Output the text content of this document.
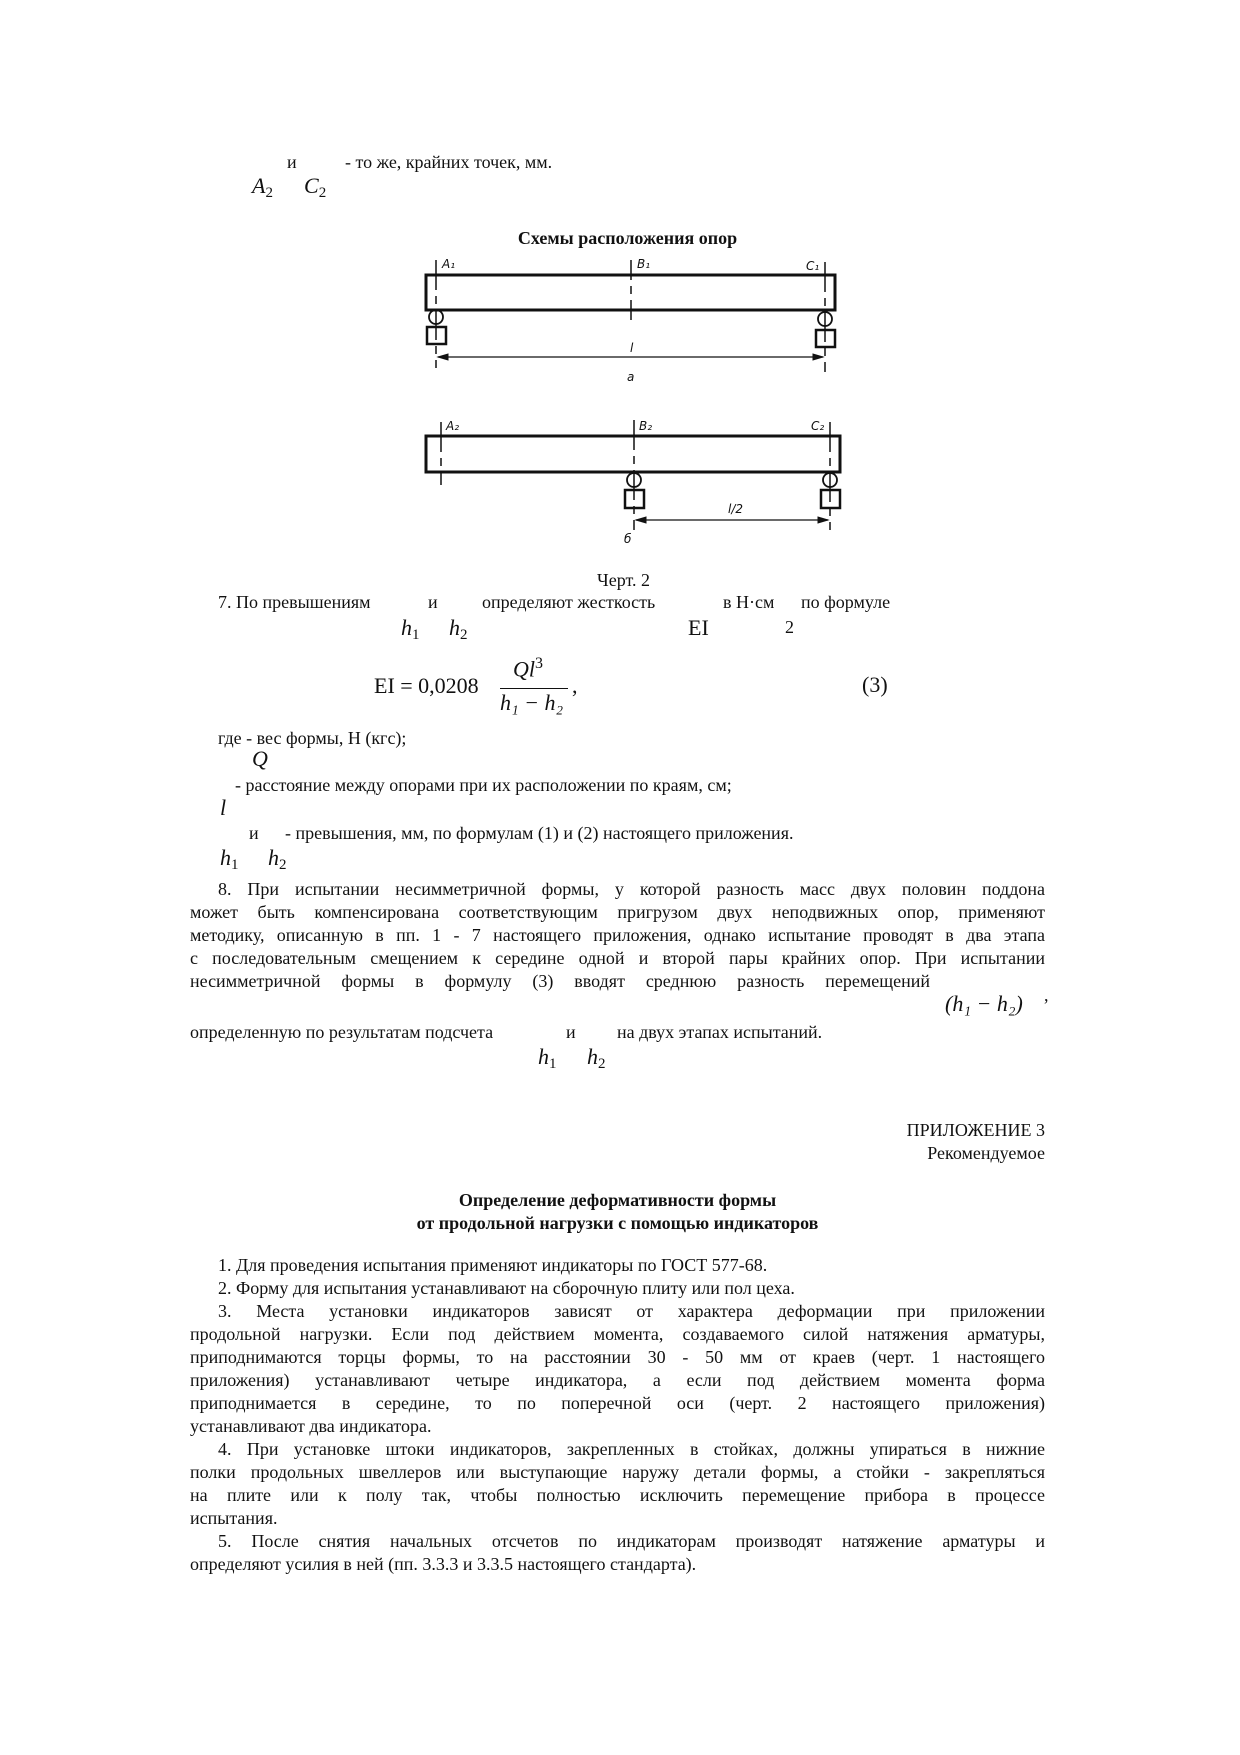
и	- то же, крайних точек, мм.
$A_2$ $C_2$
Схемы расположения опор
A₁	B₁	C₁
l
а
A₂	B₂	C₂
l/2
б
Черт. 2
7. По превышениям	и определяют жесткость	в Н·см по формуле
2
$h_1$ $h_2$	EI
EI = 0,0208
Ql$^3$
h₁ − h₂
,	(3)
где - вес формы, Н (кгс);
Q
- расстояние между опорами при их расположении по краям, см;
l
и - превышения, мм, по формулам (1) и (2) настоящего приложения.
$h_1$ $h_2$
8. При испытании несимметричной формы, у которой разность масс двух половин поддона
может быть компенсирована соответствующим пригрузом двух неподвижных опор, применяют
методику, описанную в пп. 1 - 7 настоящего приложения, однако испытание проводят в два этапа
с последовательным смещением к середине одной и второй пары крайних опор. При испытании
несимметричной формы в формулу (3) вводят среднюю разность перемещений
(h₁ − h₂) ,
определенную по результатам подсчета	и на двух этапах испытаний.
$h_1$ $h_2$
ПРИЛОЖЕНИЕ 3
Рекомендуемое
Определение деформативности формы
от продольной нагрузки с помощью индикаторов
1. Для проведения испытания применяют индикаторы по ГОСТ 577-68.
2. Форму для испытания устанавливают на сборочную плиту или пол цеха.
3. Места установки индикаторов зависят от характера деформации при приложении
продольной нагрузки. Если под действием момента, создаваемого силой натяжения арматуры,
приподнимаются торцы формы, то на расстоянии 30 - 50 мм от краев (черт. 1 настоящего
приложения) устанавливают четыре индикатора, а если под действием момента форма
приподнимается в середине, то по поперечной оси (черт. 2 настоящего приложения)
устанавливают два индикатора.
4. При установке штоки индикаторов, закрепленных в стойках, должны упираться в нижние
полки продольных швеллеров или выступающие наружу детали формы, а стойки - закрепляться
на плите или к полу так, чтобы полностью исключить перемещение прибора в процессе
испытания.
5. После снятия начальных отсчетов по индикаторам производят натяжение арматуры и
определяют усилия в ней (пп. 3.3.3 и 3.3.5 настоящего стандарта).
